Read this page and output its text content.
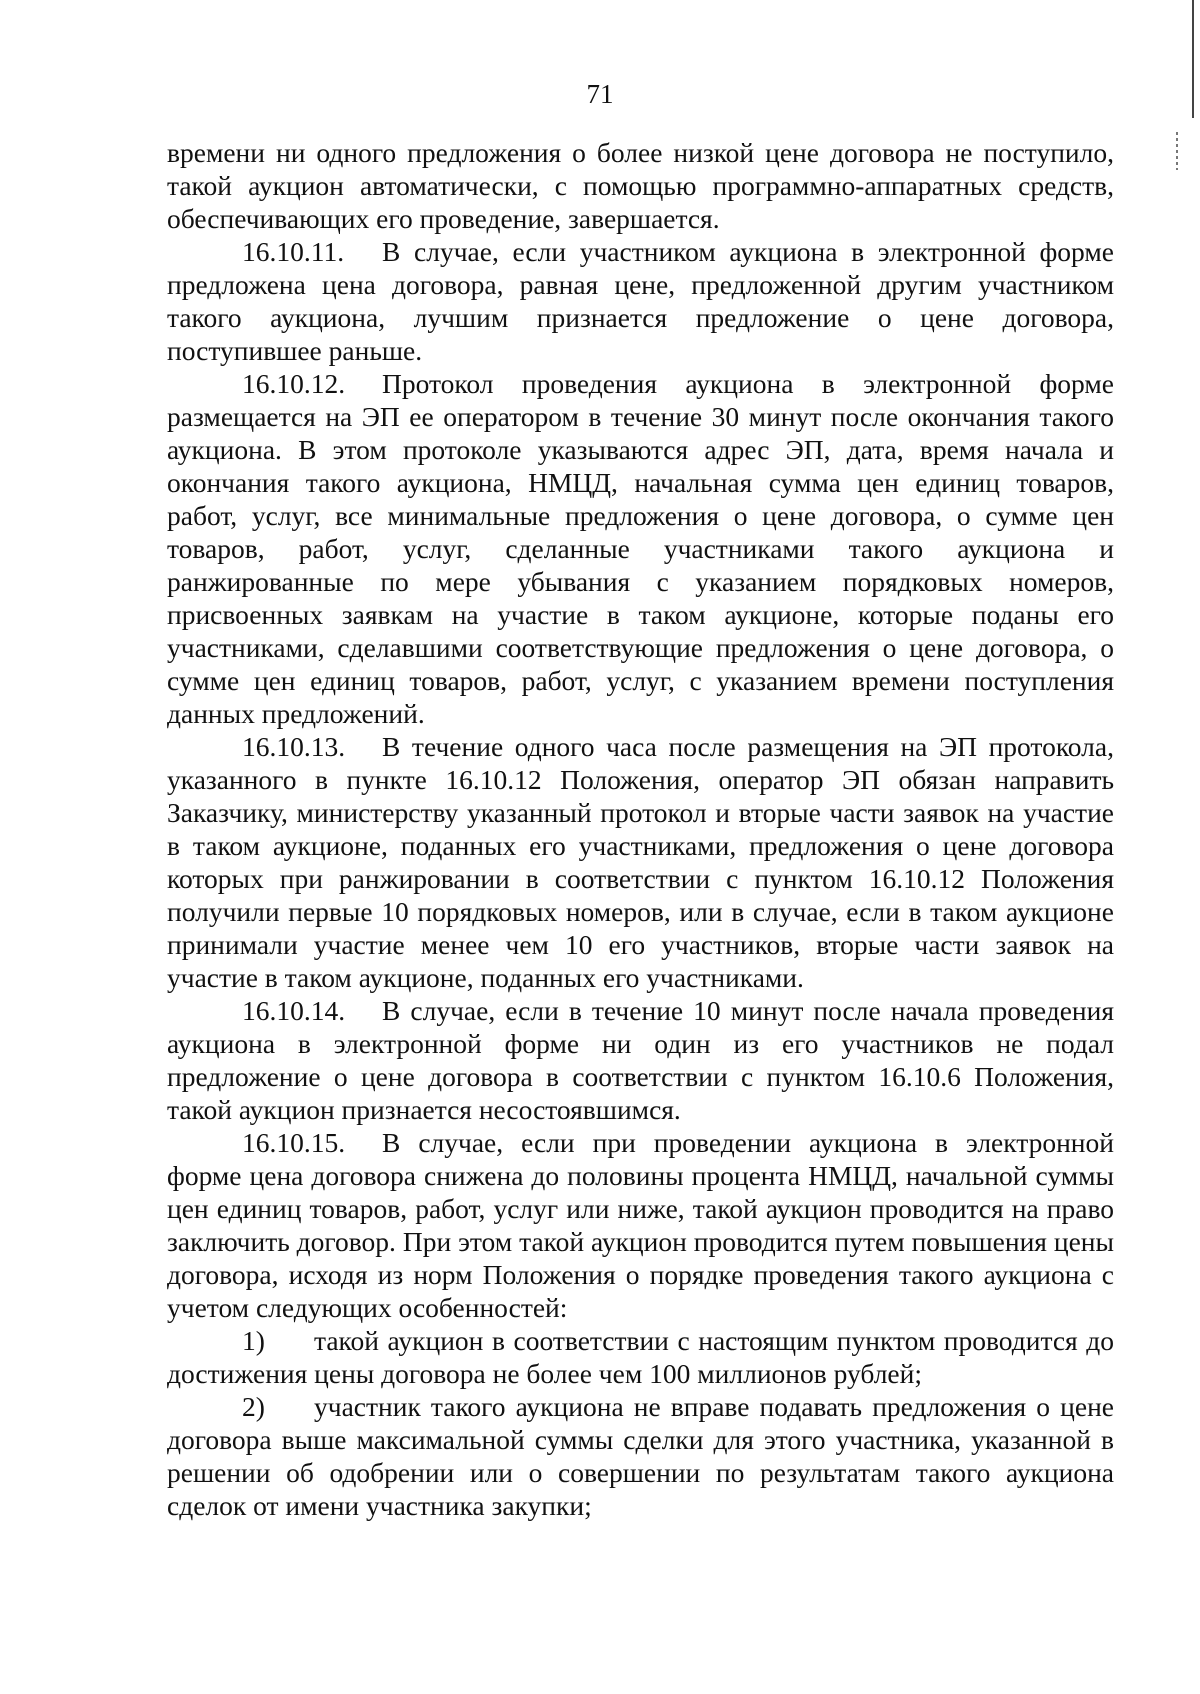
71

времени ни одного предложения о более низкой цене договора не поступило, такой аукцион автоматически, с помощью программно-аппаратных средств, обеспечивающих его проведение, завершается.

16.10.11. В случае, если участником аукциона в электронной форме предложена цена договора, равная цене, предложенной другим участником такого аукциона, лучшим признается предложение о цене договора, поступившее раньше.

16.10.12. Протокол проведения аукциона в электронной форме размещается на ЭП ее оператором в течение 30 минут после окончания такого аукциона. В этом протоколе указываются адрес ЭП, дата, время начала и окончания такого аукциона, НМЦД, начальная сумма цен единиц товаров, работ, услуг, все минимальные предложения о цене договора, о сумме цен товаров, работ, услуг, сделанные участниками такого аукциона и ранжированные по мере убывания с указанием порядковых номеров, присвоенных заявкам на участие в таком аукционе, которые поданы его участниками, сделавшими соответствующие предложения о цене договора, о сумме цен единиц товаров, работ, услуг, с указанием времени поступления данных предложений.

16.10.13. В течение одного часа после размещения на ЭП протокола, указанного в пункте 16.10.12 Положения, оператор ЭП обязан направить Заказчику, министерству указанный протокол и вторые части заявок на участие в таком аукционе, поданных его участниками, предложения о цене договора которых при ранжировании в соответствии с пунктом 16.10.12 Положения получили первые 10 порядковых номеров, или в случае, если в таком аукционе принимали участие менее чем 10 его участников, вторые части заявок на участие в таком аукционе, поданных его участниками.

16.10.14. В случае, если в течение 10 минут после начала проведения аукциона в электронной форме ни один из его участников не подал предложение о цене договора в соответствии с пунктом 16.10.6 Положения, такой аукцион признается несостоявшимся.

16.10.15. В случае, если при проведении аукциона в электронной форме цена договора снижена до половины процента НМЦД, начальной суммы цен единиц товаров, работ, услуг или ниже, такой аукцион проводится на право заключить договор. При этом такой аукцион проводится путем повышения цены договора, исходя из норм Положения о порядке проведения такого аукциона с учетом следующих особенностей:

1) такой аукцион в соответствии с настоящим пунктом проводится до достижения цены договора не более чем 100 миллионов рублей;

2) участник такого аукциона не вправе подавать предложения о цене договора выше максимальной суммы сделки для этого участника, указанной в решении об одобрении или о совершении по результатам такого аукциона сделок от имени участника закупки;
